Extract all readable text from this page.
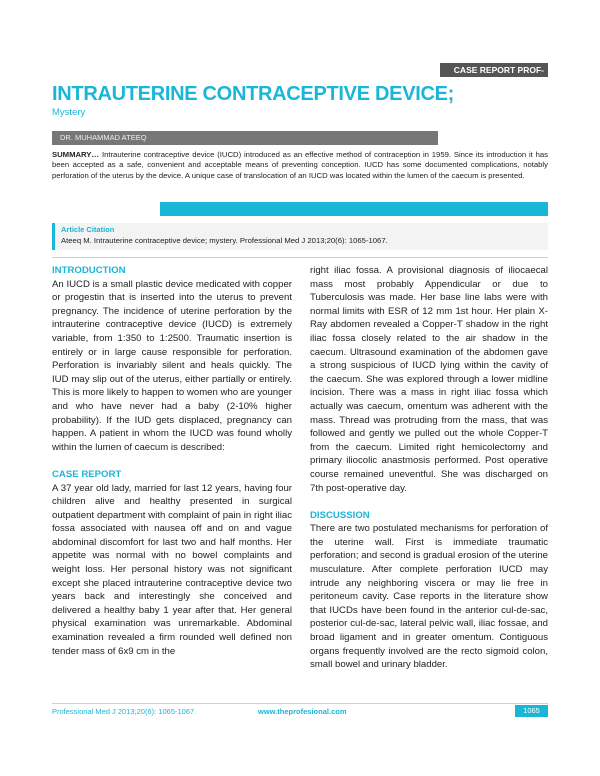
CASE REPORT PROF-2285
INTRAUTERINE CONTRACEPTIVE DEVICE;
Mystery
DR. MUHAMMAD ATEEQ
SUMMARY… Intrauterine contraceptive device (IUCD) introduced as an effective method of contraception in 1959. Since its introduction it has been accepted as a safe, convenient and acceptable means of preventing conception. IUCD has some documented complications, notably perforation of the uterus by the device. A unique case of translocation of an IUCD was located within the lumen of the caecum is presented.
Article Citation
Ateeq M. Intrauterine contraceptive device; mystery. Professional Med J 2013;20(6): 1065-1067.
INTRODUCTION

An IUCD is a small plastic device medicated with copper or progestin that is inserted into the uterus to prevent pregnancy. The incidence of uterine perforation by the intrauterine contraceptive device (IUCD) is extremely variable, from 1:350 to 1:2500. Traumatic insertion is entirely or in large cause responsible for perforation. Perforation is invariably silent and heals quickly. The IUD may slip out of the uterus, either partially or entirely. This is more likely to happen to women who are younger and who have never had a baby (2-10% higher probability). If the IUD gets displaced, pregnancy can happen. A patient in whom the IUCD was found wholly within the lumen of caecum is described:

CASE REPORT

A 37 year old lady, married for last 12 years, having four children alive and healthy presented in surgical outpatient department with complaint of pain in right iliac fossa associated with nausea off and on and vague abdominal discomfort for last two and half months. Her appetite was normal with no bowel complaints and weight loss. Her personal history was not significant except she placed intrauterine contraceptive device two years back and interestingly she conceived and delivered a healthy baby 1 year after that. Her general physical examination was unremarkable. Abdominal examination revealed a firm rounded well defined non tender mass of 6x9 cm in the

right iliac fossa. A provisional diagnosis of iliocaecal mass most probably Appendicular or due to Tuberculosis was made. Her base line labs were with normal limits with ESR of 12 mm 1st hour. Her plain X-Ray abdomen revealed a Copper-T shadow in the right iliac fossa closely related to the air shadow in the caecum. Ultrasound examination of the abdomen gave a strong suspicious of IUCD lying within the cavity of the caecum. She was explored through a lower midline incision. There was a mass in right iliac fossa which actually was caecum, omentum was adherent with the mass. Thread was protruding from the mass, that was followed and gently we pulled out the whole Copper-T from the caecum. Limited right hemicolectomy and primary iliocolic anastmosis performed. Post operative course remained uneventful. She was discharged on 7th post-operative day.

DISCUSSION

There are two postulated mechanisms for perforation of the uterine wall. First is immediate traumatic perforation; and second is gradual erosion of the uterine musculature. After complete perforation IUCD may intrude any neighboring viscera or may lie free in peritoneum cavity. Case reports in the literature show that IUCDs have been found in the anterior cul-de-sac, posterior cul-de-sac, lateral pelvic wall, iliac fossae, and broad ligament and in greater omentum. Contiguous organs frequently involved are the recto sigmoid colon, small bowel and urinary bladder.

Professional Med J 2013;20(6): 1065-1067.	www.theprofesional.com	1065
